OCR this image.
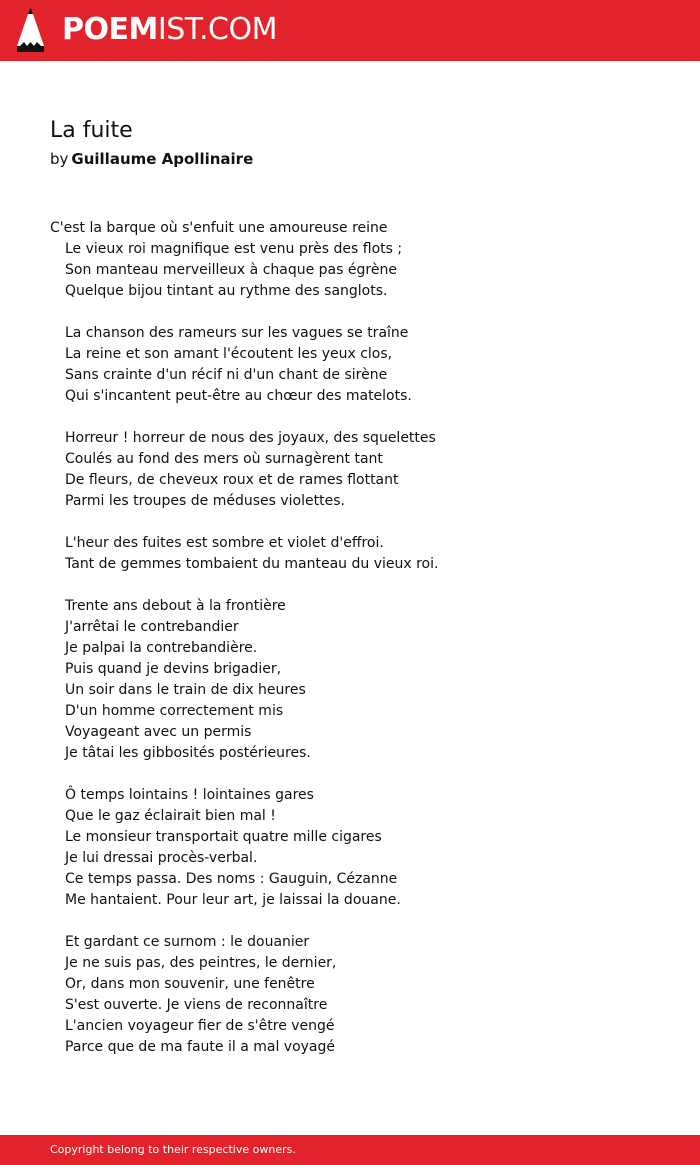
POEMIST.COM
La fuite
by Guillaume Apollinaire
C'est la barque où s'enfuit une amoureuse reine
Le vieux roi magnifique est venu près des flots ;
Son manteau merveilleux à chaque pas égrène
Quelque bijou tintant au rythme des sanglots.
La chanson des rameurs sur les vagues se traîne
La reine et son amant l'écoutent les yeux clos,
Sans crainte d'un récif ni d'un chant de sirène
Qui s'incantent peut-être au chœur des matelots.
Horreur ! horreur de nous des joyaux, des squelettes
Coulés au fond des mers où surnagèrent tant
De fleurs, de cheveux roux et de rames flottant
Parmi les troupes de méduses violettes.
L'heur des fuites est sombre et violet d'effroi.
Tant de gemmes tombaient du manteau du vieux roi.
Trente ans debout à la frontière
J'arrêtai le contrebandier
Je palpai la contrebandière.
Puis quand je devins brigadier,
Un soir dans le train de dix heures
D'un homme correctement mis
Voyageant avec un permis
Je tâtai les gibbosités postérieures.
Ô temps lointains ! lointaines gares
Que le gaz éclairait bien mal !
Le monsieur transportait quatre mille cigares
Je lui dressai procès-verbal.
Ce temps passa. Des noms : Gauguin, Cézanne
Me hantaient. Pour leur art, je laissai la douane.
Et gardant ce surnom : le douanier
Je ne suis pas, des peintres, le dernier,
Or, dans mon souvenir, une fenêtre
S'est ouverte. Je viens de reconnaître
L'ancien voyageur fier de s'être vengé
Parce que de ma faute il a mal voyagé
Copyright belong to their respective owners.
